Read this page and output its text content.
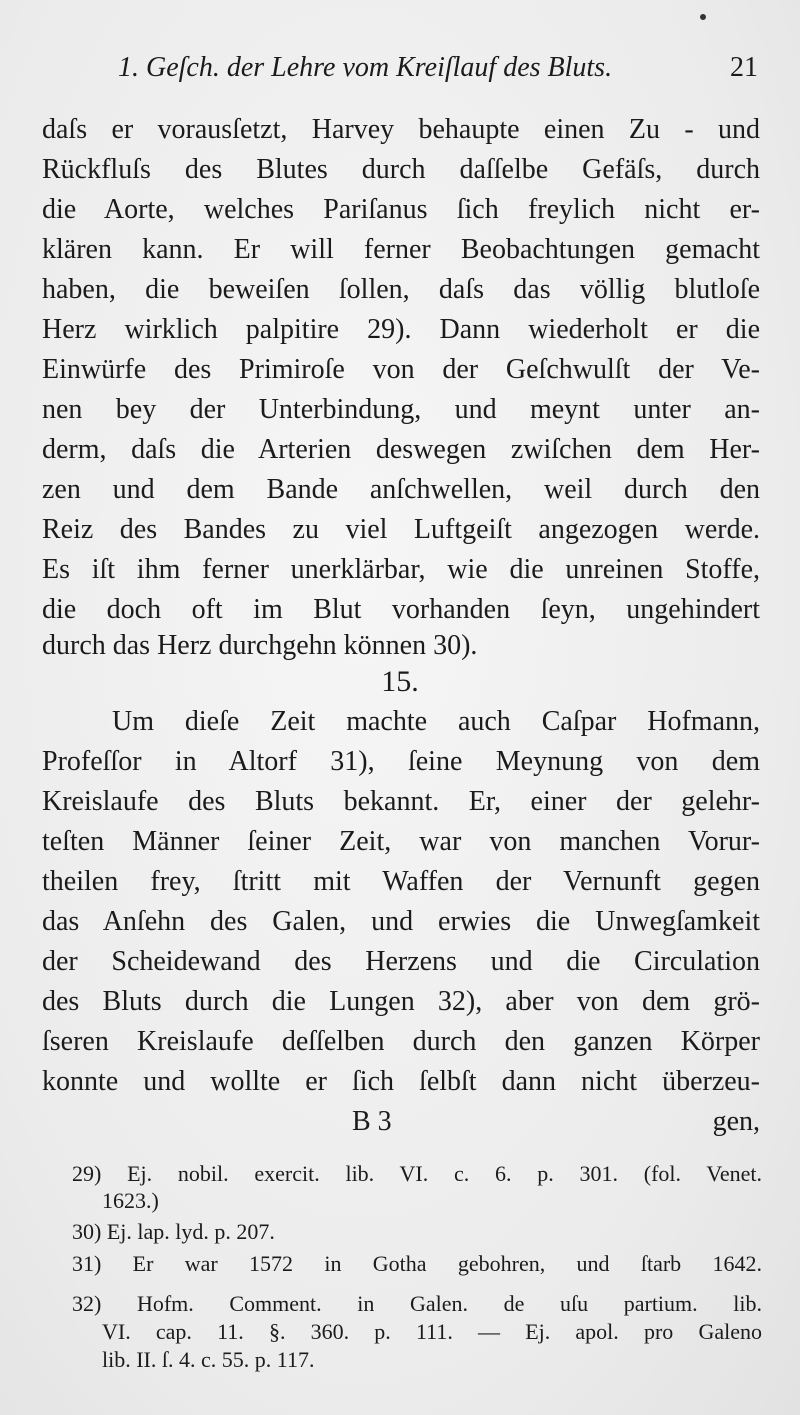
1. Geſch. der Lehre vom Kreiſlauf des Bluts.	21
daſs er vorausſetzt, Harvey behaupte einen Zu - und
Rückfluſs des Blutes durch daſſelbe Gefäſs, durch
die Aorte, welches Pariſanus ſich freylich nicht er-
klären kann. Er will ferner Beobachtungen gemacht
haben, die beweiſen ſollen, daſs das völlig blutloſe
Herz wirklich palpitire 29). Dann wiederholt er die
Einwürfe des Primiroſe von der Geſchwulſt der Ve-
nen bey der Unterbindung, und meynt unter an-
derm, daſs die Arterien deswegen zwiſchen dem Her-
zen und dem Bande anſchwellen, weil durch den
Reiz des Bandes zu viel Luftgeiſt angezogen werde.
Es iſt ihm ferner unerklärbar, wie die unreinen Stoffe,
die doch oft im Blut vorhanden ſeyn, ungehindert
durch das Herz durchgehn können 30).
15.
Um dieſe Zeit machte auch Caſpar Hofmann,
Profeſſor in Altorf 31), ſeine Meynung von dem
Kreislaufe des Bluts bekannt. Er, einer der gelehr-
teſten Männer ſeiner Zeit, war von manchen Vorur-
theilen frey, ſtritt mit Waffen der Vernunft gegen
das Anſehn des Galen, und erwies die Unwegſamkeit
der Scheidewand des Herzens und die Circulation
des Bluts durch die Lungen 32), aber von dem grö-
ſseren Kreislaufe deſſelben durch den ganzen Körper
konnte und wollte er ſich ſelbſt dann nicht überzeu-
B 3	gen,
29) Ej. nobil. exercit. lib. VI. c. 6. p. 301. (fol. Venet.
1623.)
30) Ej. lap. lyd. p. 207.
31) Er war 1572 in Gotha gebohren, und ſtarb 1642.
32) Hofm. Comment. in Galen. de uſu partium. lib.
VI. cap. 11. §. 360. p. 111. — Ej. apol. pro Galeno
lib. II. ſ. 4. c. 55. p. 117.
